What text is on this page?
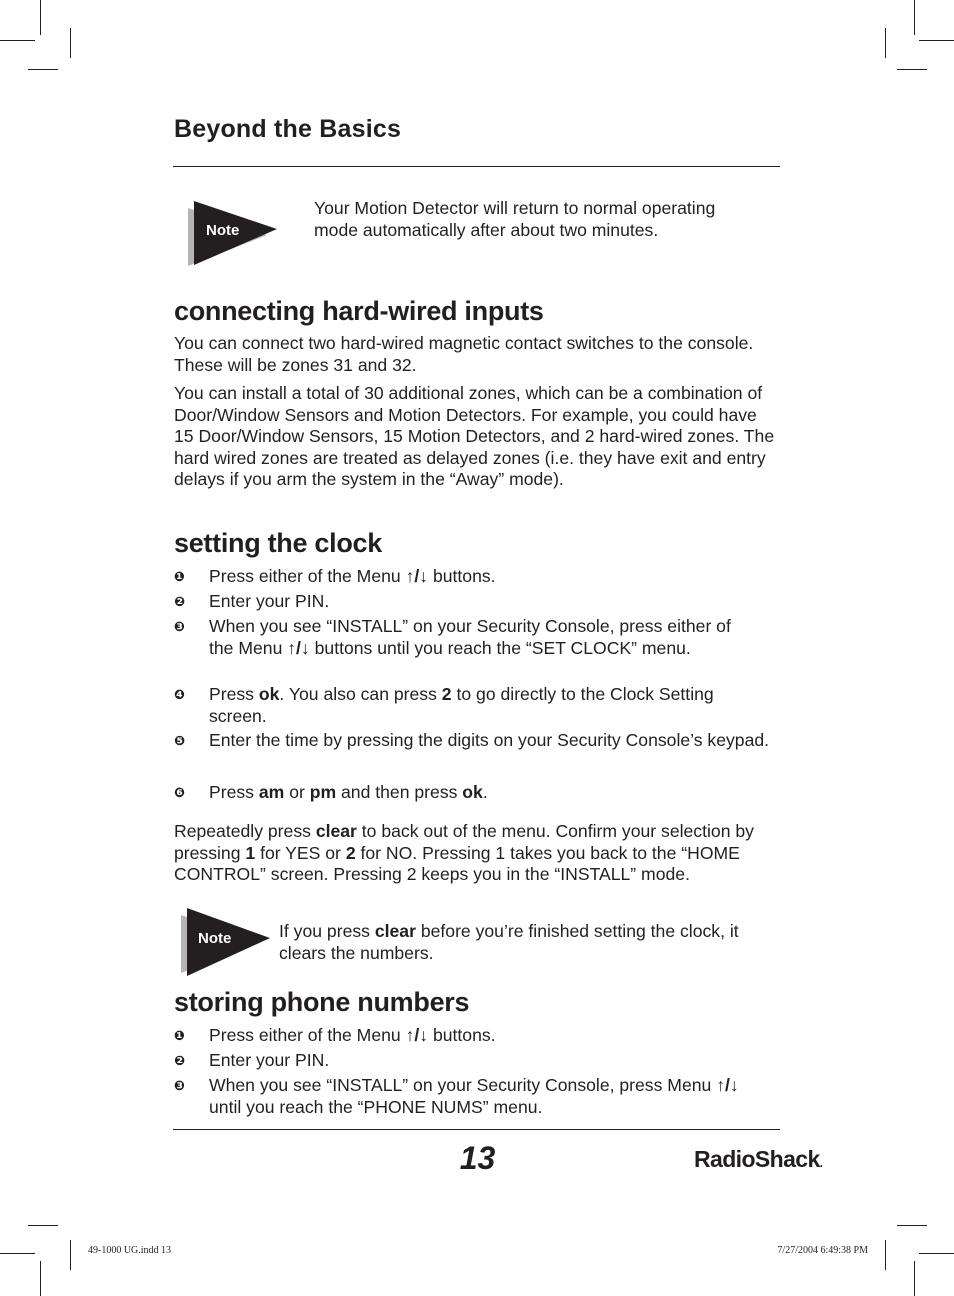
Beyond the Basics
Note
Your Motion Detector will return to normal operating mode automatically after about two minutes.
connecting hard-wired inputs

You can connect two hard-wired magnetic contact switches to the console. These will be zones 31 and 32.

You can install a total of 30 additional zones, which can be a combination of Door/Window Sensors and Motion Detectors. For example, you could have 15 Door/Window Sensors, 15 Motion Detectors, and 2 hard-wired zones. The hard wired zones are treated as delayed zones (i.e. they have exit and entry delays if you arm the system in the “Away” mode).

setting the clock
❶	Press either of the Menu ↑/↓ buttons.
❷	Enter your PIN.
❸	When you see “INSTALL” on your Security Console, press either of the Menu ↑/↓ buttons until you reach the “SET CLOCK” menu.
❹	Press ok. You also can press 2 to go directly to the Clock Setting screen.
❺	Enter the time by pressing the digits on your Security Console’s keypad.
❻	Press am or pm and then press ok.

Repeatedly press clear to back out of the menu. Confirm your selection by pressing 1 for YES or 2 for NO. Pressing 1 takes you back to the “HOME CONTROL” screen. Pressing 2 keeps you in the “INSTALL” mode.

Note	If you press clear before you’re finished setting the clock, it clears the numbers.
storing phone numbers
❶	Press either of the Menu ↑/↓ buttons.
❷	Enter your PIN.
❸	When you see “INSTALL” on your Security Console, press Menu ↑/↓ until you reach the “PHONE NUMS” menu.
13	RadioShack.
49-1000 UG.indd 13	7/27/2004 6:49:38 PM
